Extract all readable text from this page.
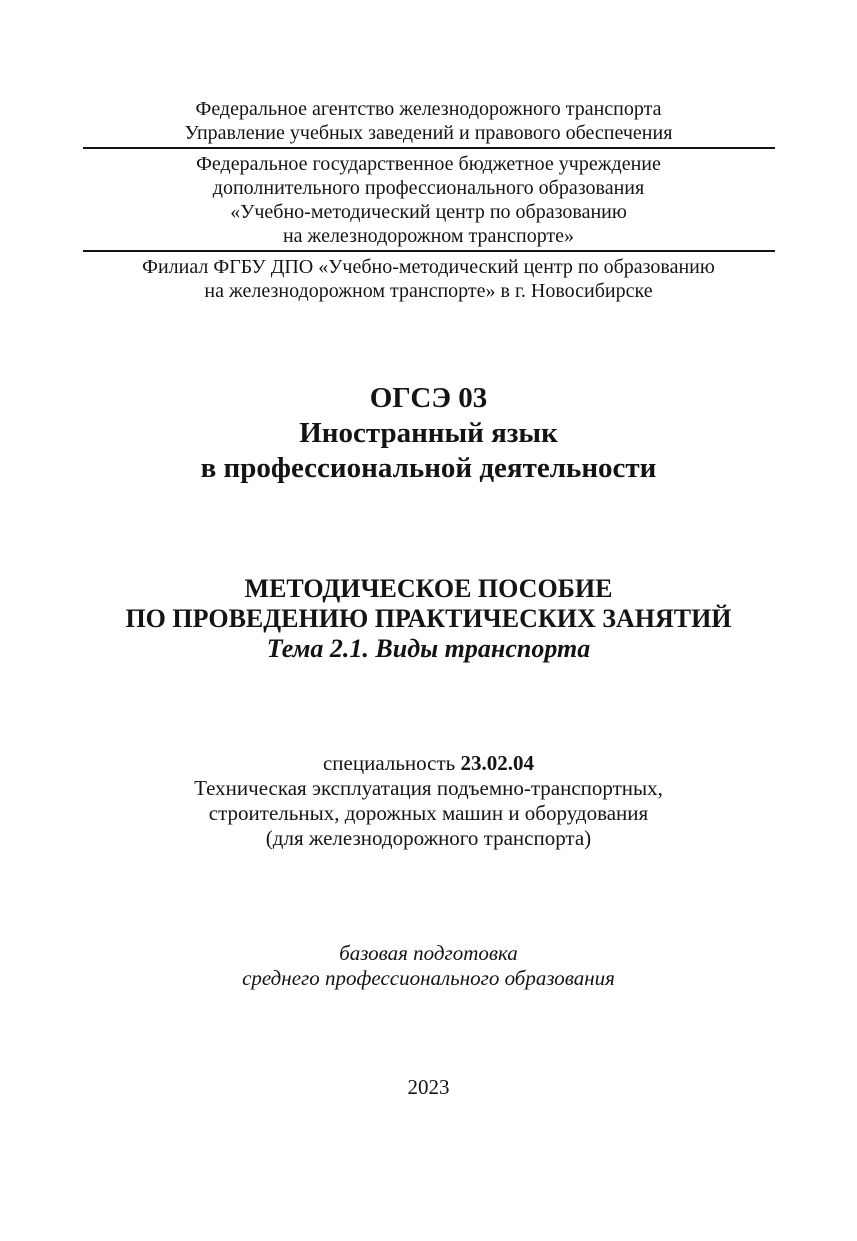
Федеральное агентство железнодорожного транспорта
Управление учебных заведений и правового обеспечения
Федеральное государственное бюджетное учреждение
дополнительного профессионального образования
«Учебно-методический центр по образованию
на железнодорожном транспорте»
Филиал ФГБУ ДПО «Учебно-методический центр по образованию
на железнодорожном транспорте» в г. Новосибирске
ОГСЭ 03
Иностранный язык
в профессиональной деятельности
МЕТОДИЧЕСКОЕ ПОСОБИЕ
ПО ПРОВЕДЕНИЮ ПРАКТИЧЕСКИХ ЗАНЯТИЙ
Тема 2.1. Виды транспорта
специальность 23.02.04
Техническая эксплуатация подъемно-транспортных,
строительных, дорожных машин и оборудования
(для железнодорожного транспорта)
базовая подготовка
среднего профессионального образования
2023
